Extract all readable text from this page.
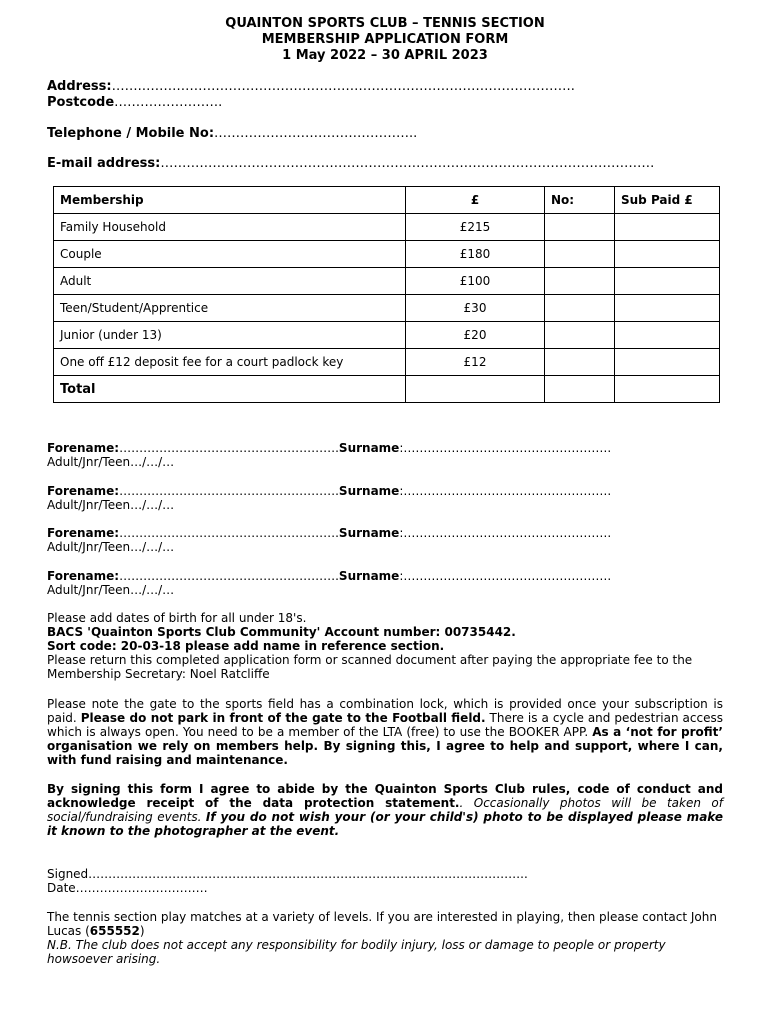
QUAINTON SPORTS CLUB – TENNIS SECTION
MEMBERSHIP APPLICATION FORM
1 May 2022 – 30 APRIL 2023
Address:…….……………………………………………………………………………………….
Postcode…………………….
Telephone / Mobile No:………………………………………..
E-mail address:……………………………………………………………………………………………………
Membership	£	No:	Sub Paid £
Family Household	£215		
Couple	£180		
Adult	£100		
Teen/Student/Apprentice	£30		
Junior (under 13)	£20		
One off £12 deposit fee for a court padlock key	£12		
Total			
Forename:……………………………………………….Surname:…………………………………………….
Adult/Jnr/Teen…/…/…
Forename:……………………………………………….Surname:…………………………………………….
Adult/Jnr/Teen…/…/…
Forename:……………………………………………….Surname:…………………………………………….
Adult/Jnr/Teen…/…/…
Forename:……………………………………………….Surname:…………………………………………….
Adult/Jnr/Teen…/…/…
Please add dates of birth for all under 18's.
BACS 'Quainton Sports Club Community' Account number: 00735442.
Sort code: 20-03-18 please add name in reference section.
Please return this completed application form or scanned document after paying the appropriate fee to the Membership Secretary: Noel Ratcliffe
Please note the gate to the sports field has a combination lock, which is provided once your subscription is paid. Please do not park in front of the gate to the Football field. There is a cycle and pedestrian access which is always open. You need to be a member of the LTA (free) to use the BOOKER APP. As a ‘not for profit’ organisation we rely on members help. By signing this, I agree to help and support, where I can, with fund raising and maintenance.
By signing this form I agree to abide by the Quainton Sports Club rules, code of conduct and acknowledge receipt of the data protection statement.. Occasionally photos will be taken of social/fundraising events. If you do not wish your (or your child's) photo to be displayed please make it known to the photographer at the event.
Signed………………………………………………………………………………………………..
Date……………………………
The tennis section play matches at a variety of levels. If you are interested in playing, then please contact John Lucas (655552)
N.B. The club does not accept any responsibility for bodily injury, loss or damage to people or property howsoever arising.
